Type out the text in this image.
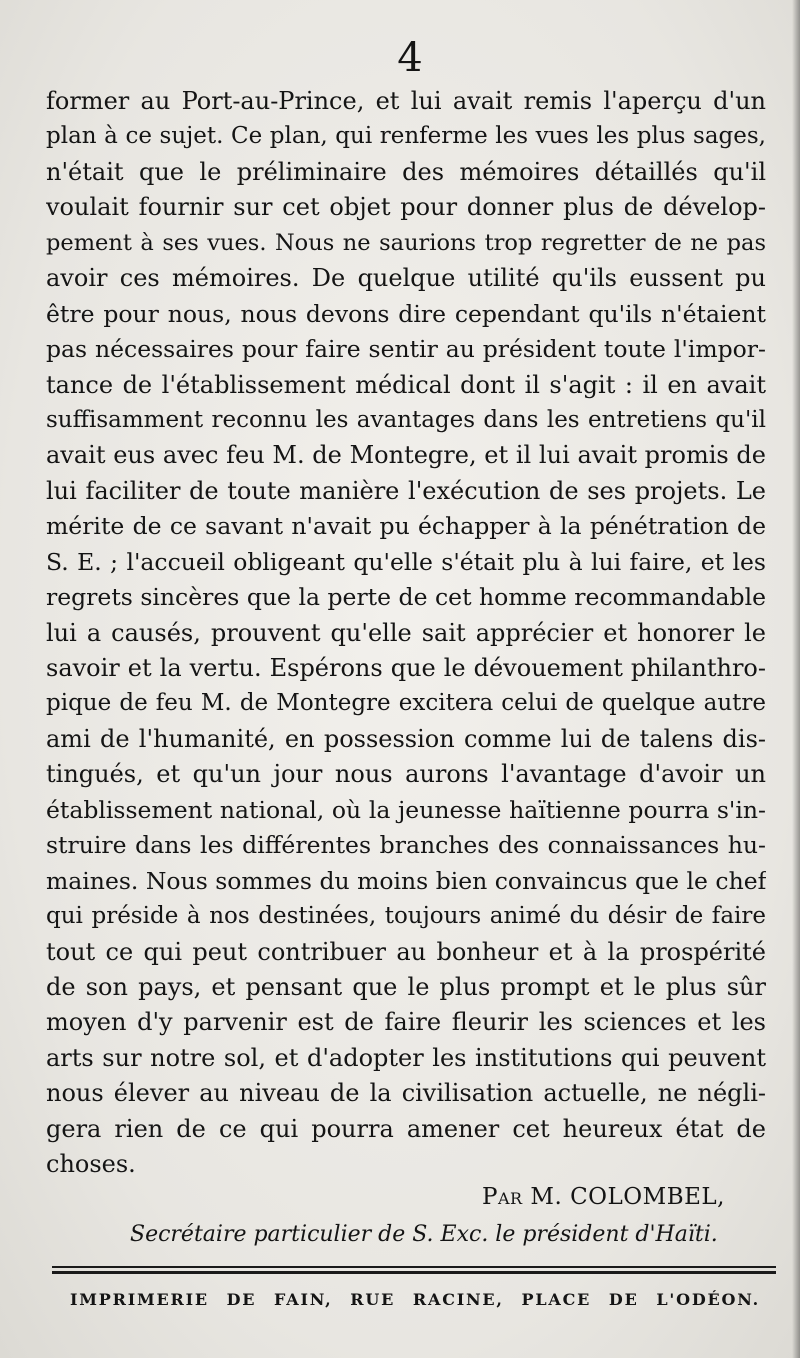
4
former au Port-au-Prince, et lui avait remis l'aperçu d'un
plan à ce sujet. Ce plan, qui renferme les vues les plus sages,
n'était que le préliminaire des mémoires détaillés qu'il
voulait fournir sur cet objet pour donner plus de dévelop-
pement à ses vues. Nous ne saurions trop regretter de ne pas
avoir ces mémoires. De quelque utilité qu'ils eussent pu
être pour nous, nous devons dire cependant qu'ils n'étaient
pas nécessaires pour faire sentir au président toute l'impor-
tance de l'établissement médical dont il s'agit : il en avait
suffisamment reconnu les avantages dans les entretiens qu'il
avait eus avec feu M. de Montegre, et il lui avait promis de
lui faciliter de toute manière l'exécution de ses projets. Le
mérite de ce savant n'avait pu échapper à la pénétration de
S. E. ; l'accueil obligeant qu'elle s'était plu à lui faire, et les
regrets sincères que la perte de cet homme recommandable
lui a causés, prouvent qu'elle sait apprécier et honorer le
savoir et la vertu. Espérons que le dévouement philanthro-
pique de feu M. de Montegre excitera celui de quelque autre
ami de l'humanité, en possession comme lui de talens dis-
tingués, et qu'un jour nous aurons l'avantage d'avoir un
établissement national, où la jeunesse haïtienne pourra s'in-
struire dans les différentes branches des connaissances hu-
maines. Nous sommes du moins bien convaincus que le chef
qui préside à nos destinées, toujours animé du désir de faire
tout ce qui peut contribuer au bonheur et à la prospérité
de son pays, et pensant que le plus prompt et le plus sûr
moyen d'y parvenir est de faire fleurir les sciences et les
arts sur notre sol, et d'adopter les institutions qui peuvent
nous élever au niveau de la civilisation actuelle, ne négli-
gera rien de ce qui pourra amener cet heureux état de
choses.
Par M. COLOMBEL,
Secrétaire particulier de S. Exc. le président d'Haïti.
IMPRIMERIE DE FAIN, RUE RACINE, PLACE DE L'ODÉON.
